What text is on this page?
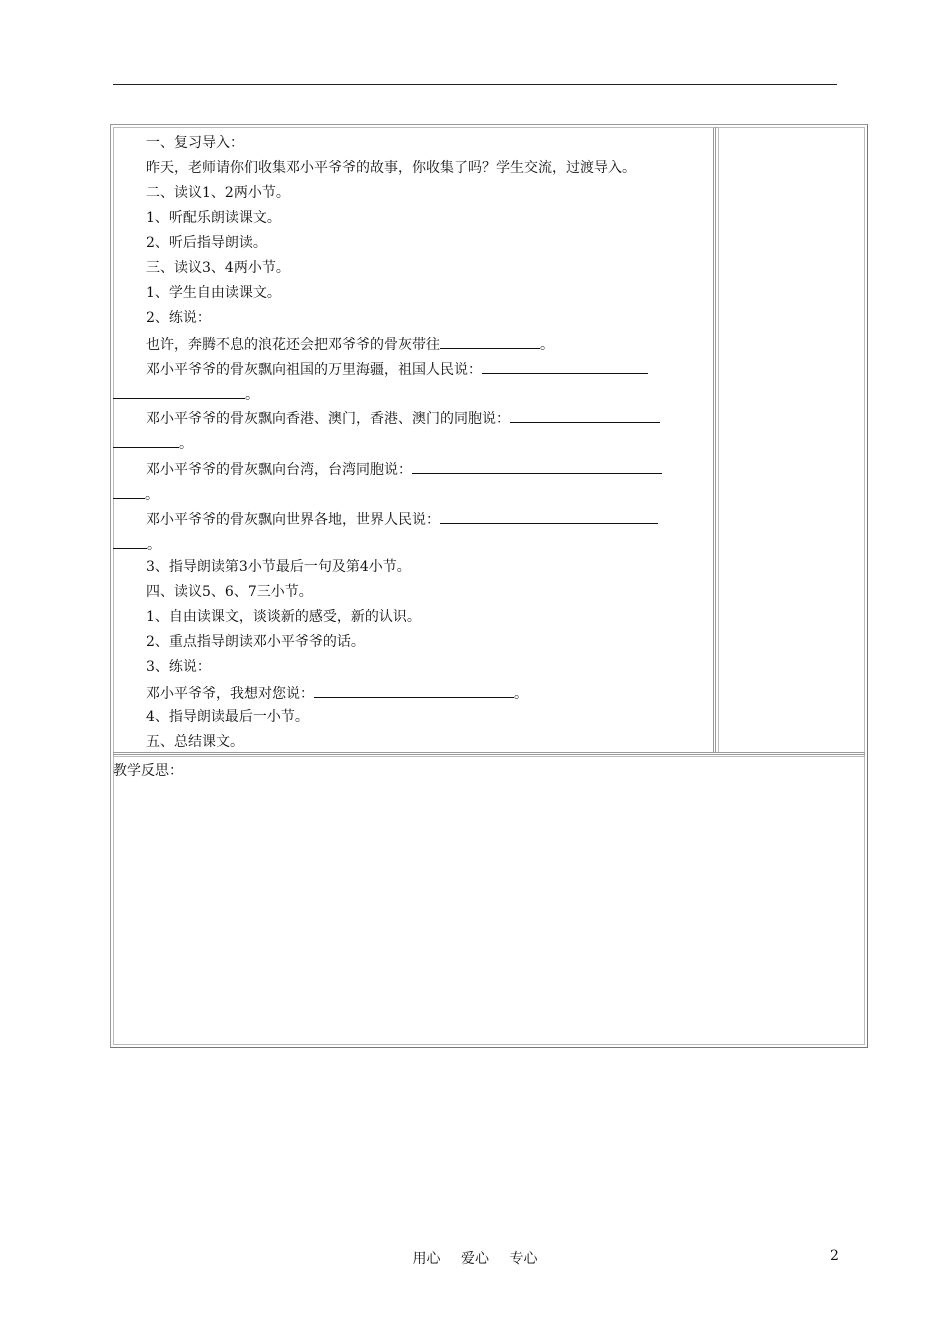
一、复习导入：
昨天，老师请你们收集邓小平爷爷的故事，你收集了吗？学生交流，过渡导入。
二、读议1、2两小节。
1、听配乐朗读课文。
2、听后指导朗读。
三、读议3、4两小节。
1、学生自由读课文。
2、练说：
也许，奔腾不息的浪花还会把邓爷爷的骨灰带往	。
邓小平爷爷的骨灰飘向祖国的万里海疆，祖国人民说：
。
邓小平爷爷的骨灰飘向香港、澳门，香港、澳门的同胞说：
。
邓小平爷爷的骨灰飘向台湾，台湾同胞说：
。
邓小平爷爷的骨灰飘向世界各地，世界人民说：
。
3、指导朗读第3小节最后一句及第4小节。
四、读议5、6、7三小节。
1、自由读课文，谈谈新的感受，新的认识。
2、重点指导朗读邓小平爷爷的话。
3、练说：
邓小平爷爷，我想对您说：	。
4、指导朗读最后一小节。
五、总结课文。
教学反思：
用心 爱心 专心	2
